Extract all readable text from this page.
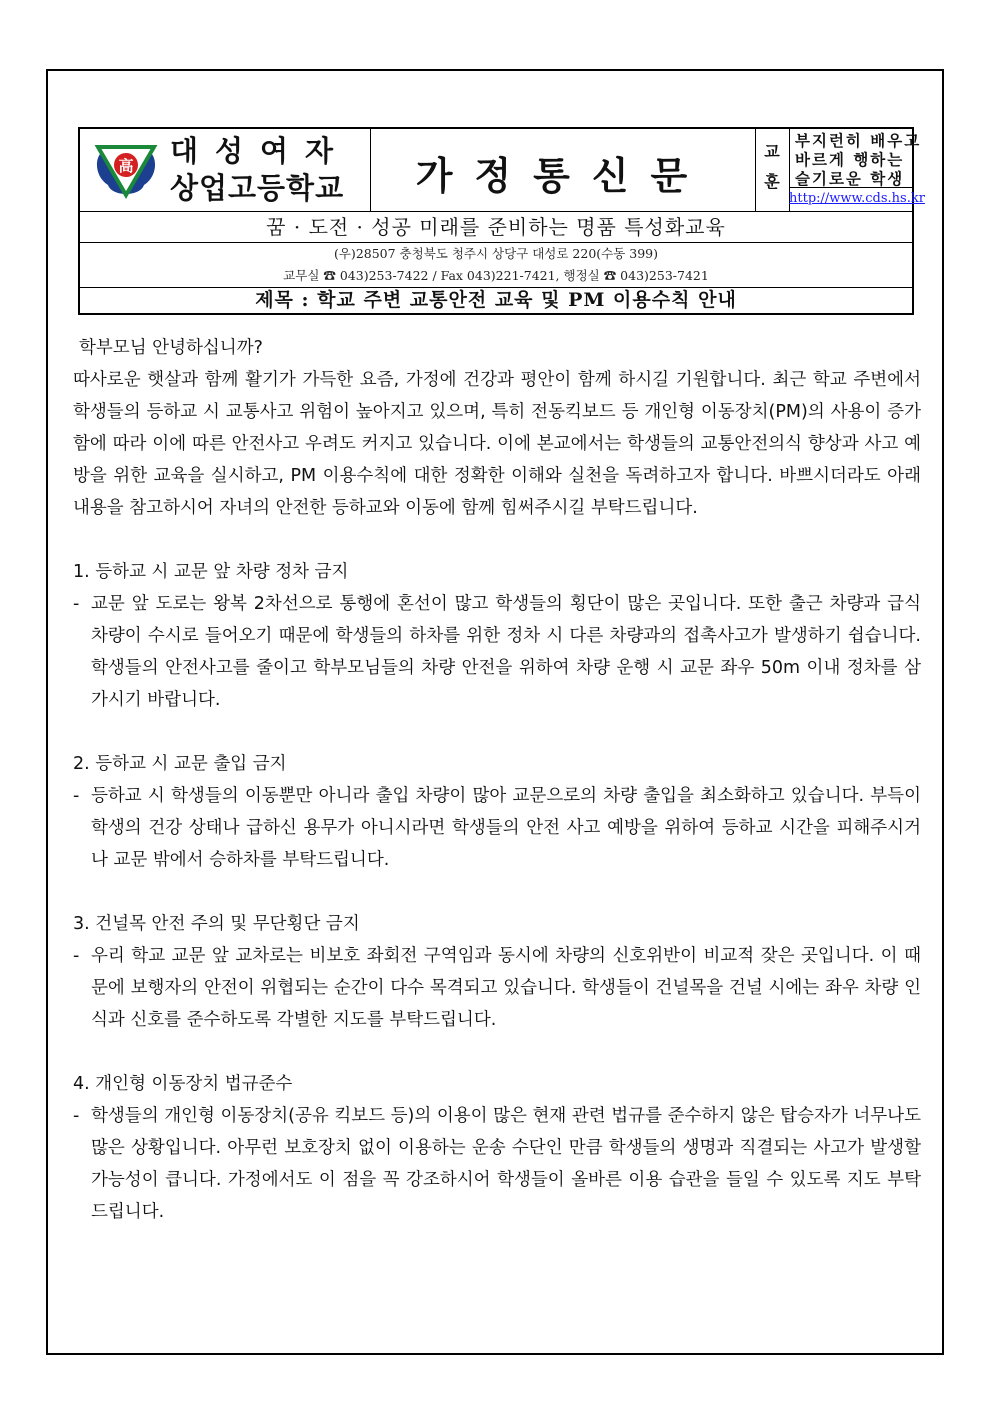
高 대성여자
상업고등학교	가정통신문
교
훈
부지런히 배우고
바르게 행하는
슬기로운 학생
http://www.cds.hs.kr
꿈 · 도전 · 성공 미래를 준비하는 명품 특성화교육
(우)28507 충청북도 청주시 상당구 대성로 220(수동 399)
교무실 ☎ 043)253-7422 / Fax 043)221-7421, 행정실 ☎ 043)253-7421
제목 : 학교 주변 교통안전 교육 및 PM 이용수칙 안내

학부모님 안녕하십니까?

따사로운 햇살과 함께 활기가 가득한 요즘, 가정에 건강과 평안이 함께 하시길 기원합니다. 최근 학교 주변에서 학생들의 등하교 시 교통사고 위험이 높아지고 있으며, 특히 전동킥보드 등 개인형 이동장치(PM)의 사용이 증가함에 따라 이에 따른 안전사고 우려도 커지고 있습니다. 이에 본교에서는 학생들의 교통안전의식 향상과 사고 예방을 위한 교육을 실시하고, PM 이용수칙에 대한 정확한 이해와 실천을 독려하고자 합니다. 바쁘시더라도 아래 내용을 참고하시어 자녀의 안전한 등하교와 이동에 함께 힘써주시길 부탁드립니다.

1. 등하교 시 교문 앞 차량 정차 금지

- 교문 앞 도로는 왕복 2차선으로 통행에 혼선이 많고 학생들의 횡단이 많은 곳입니다. 또한 출근 차량과 급식 차량이 수시로 들어오기 때문에 학생들의 하차를 위한 정차 시 다른 차량과의 접촉사고가 발생하기 쉽습니다. 학생들의 안전사고를 줄이고 학부모님들의 차량 안전을 위하여 차량 운행 시 교문 좌우 50m 이내 정차를 삼가시기 바랍니다.

2. 등하교 시 교문 출입 금지

- 등하교 시 학생들의 이동뿐만 아니라 출입 차량이 많아 교문으로의 차량 출입을 최소화하고 있습니다. 부득이 학생의 건강 상태나 급하신 용무가 아니시라면 학생들의 안전 사고 예방을 위하여 등하교 시간을 피해주시거나 교문 밖에서 승하차를 부탁드립니다.

3. 건널목 안전 주의 및 무단횡단 금지

- 우리 학교 교문 앞 교차로는 비보호 좌회전 구역임과 동시에 차량의 신호위반이 비교적 잦은 곳입니다. 이 때문에 보행자의 안전이 위협되는 순간이 다수 목격되고 있습니다. 학생들이 건널목을 건널 시에는 좌우 차량 인식과 신호를 준수하도록 각별한 지도를 부탁드립니다.

4. 개인형 이동장치 법규준수

- 학생들의 개인형 이동장치(공유 킥보드 등)의 이용이 많은 현재 관련 법규를 준수하지 않은 탑승자가 너무나도 많은 상황입니다. 아무런 보호장치 없이 이용하는 운송 수단인 만큼 학생들의 생명과 직결되는 사고가 발생할 가능성이 큽니다. 가정에서도 이 점을 꼭 강조하시어 학생들이 올바른 이용 습관을 들일 수 있도록 지도 부탁드립니다.
